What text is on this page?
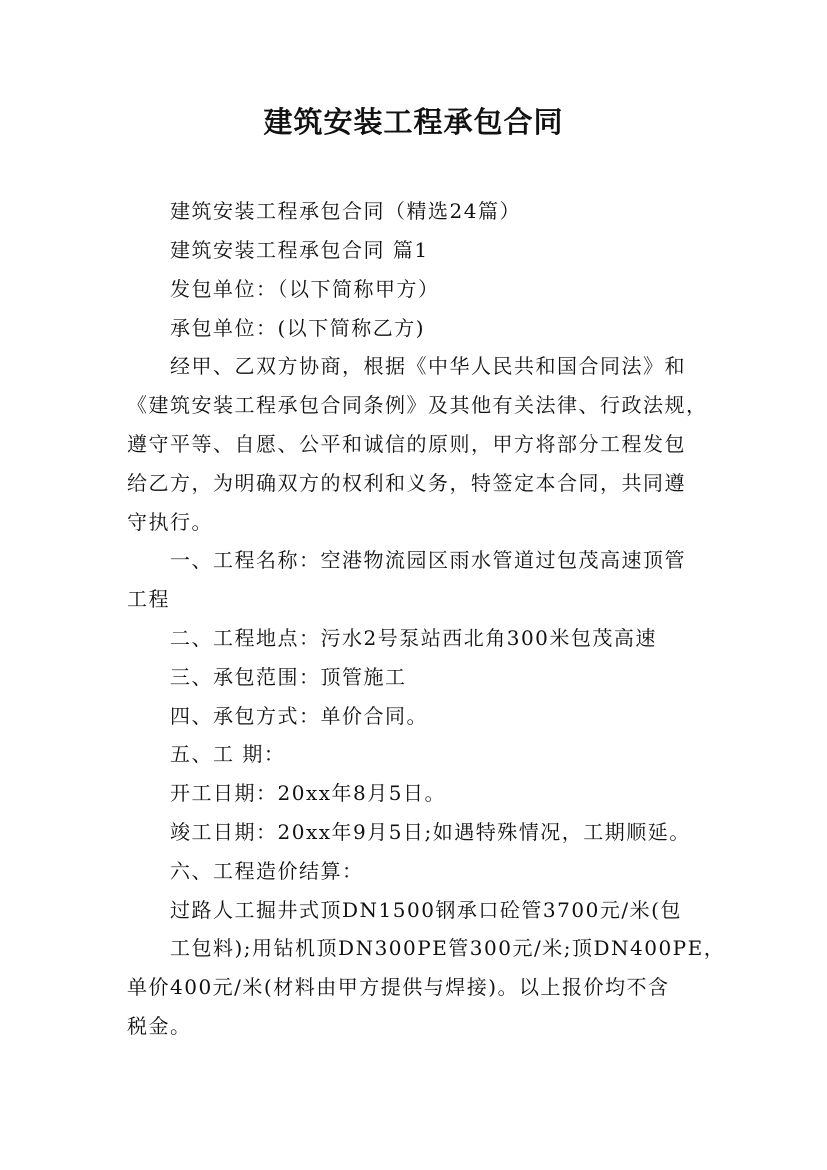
建筑安装工程承包合同
建筑安装工程承包合同（精选24篇）
建筑安装工程承包合同 篇1
发包单位：（以下简称甲方）
承包单位：(以下简称乙方)
经甲、乙双方协商，根据《中华人民共和国合同法》和
《建筑安装工程承包合同条例》及其他有关法律、行政法规，
遵守平等、自愿、公平和诚信的原则，甲方将部分工程发包
给乙方，为明确双方的权利和义务，特签定本合同，共同遵
守执行。
一、工程名称：空港物流园区雨水管道过包茂高速顶管
工程
二、工程地点：污水2号泵站西北角300米包茂高速
三、承包范围：顶管施工
四、承包方式：单价合同。
五、工 期：
开工日期：20xx年8月5日。
竣工日期：20xx年9月5日;如遇特殊情况，工期顺延。
六、工程造价结算：
过路人工掘井式顶DN1500钢承口砼管3700元/米(包
工包料);用钻机顶DN300PE管300元/米;顶DN400PE，
单价400元/米(材料由甲方提供与焊接)。以上报价均不含
税金。
